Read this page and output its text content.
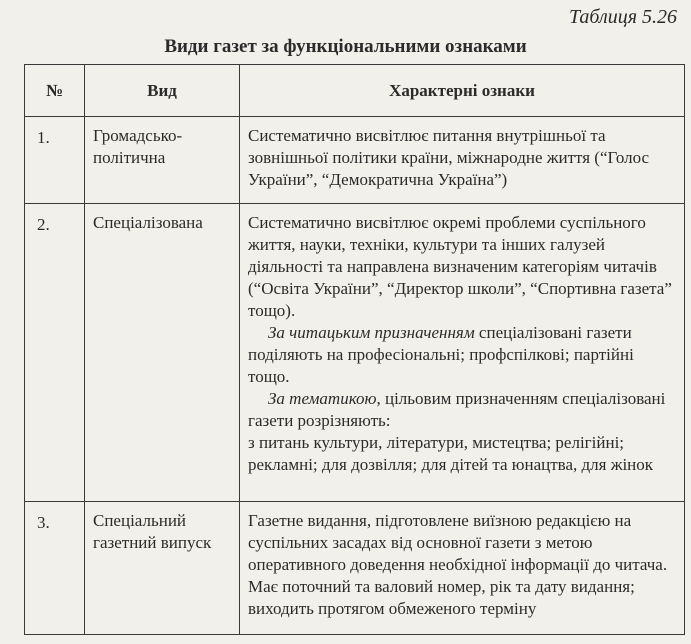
Таблиця 5.26
Види газет за функціональними ознаками
№	Вид	Характерні ознаки
1.	Громадсько-політична	Систематично висвітлює питання внутрішньої та зовнішньої політики країни, міжнародне життя (“Голос України”, “Демократична Україна”)
2.	Спеціалізована	Систематично висвітлює окремі проблеми суспільного життя, науки, техніки, культури та інших галузей діяльності та направлена визначеним категоріям читачів (“Освіта України”, “Директор школи”, “Спортивна газета” тощо).
За читацьким призначенням спеціалізовані газети поділяють на професіональні; профспілкові; партійні тощо.
За тематикою, цільовим призначенням спеціалізовані газети розрізняють:
з питань культури, літератури, мистецтва; релігійні; рекламні; для дозвілля; для дітей та юнацтва, для жінок

3.	Спеціальний газетний випуск	Газетне видання, підготовлене виїзною редакцією на суспільних засадах від основної газети з метою оперативного доведення необхідної інформації до читача. Має поточний та валовий номер, рік та дату видання; виходить протягом обмеженого терміну
